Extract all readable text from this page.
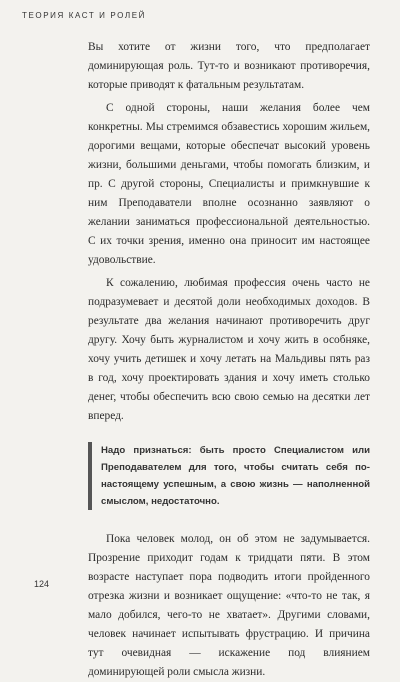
ТЕОРИЯ КАСТ И РОЛЕЙ

Вы хотите от жизни того, что предполагает доминирующая роль. Тут-то и возникают противоречия, которые приводят к фатальным результатам.

С одной стороны, наши желания более чем конкретны. Мы стремимся обзавестись хорошим жильем, дорогими вещами, которые обеспечат высокий уровень жизни, большими деньгами, чтобы помогать близким, и пр. С другой стороны, Специалисты и примкнувшие к ним Преподаватели вполне осознанно заявляют о желании заниматься профессиональной деятельностью. С их точки зрения, именно она приносит им настоящее удовольствие.

К сожалению, любимая профессия очень часто не подразумевает и десятой доли необходимых доходов. В результате два желания начинают противоречить друг другу. Хочу быть журналистом и хочу жить в особняке, хочу учить детишек и хочу летать на Мальдивы пять раз в год, хочу проектировать здания и хочу иметь столько денег, чтобы обеспечить всю свою семью на десятки лет вперед.

Надо признаться: быть просто Специалистом или Преподавателем для того, чтобы считать себя по-настоящему успешным, а свою жизнь — наполненной смыслом, недостаточно.

Пока человек молод, он об этом не задумывается. Прозрение приходит годам к тридцати пяти. В этом возрасте наступает пора подводить итоги пройденного отрезка жизни и возникает ощущение: «что-то не так, я мало добился, чего-то не хватает». Другими словами, человек начинает испытывать фрустрацию. И причина тут очевидная — искажение под влиянием доминирующей роли смысла жизни.

124
